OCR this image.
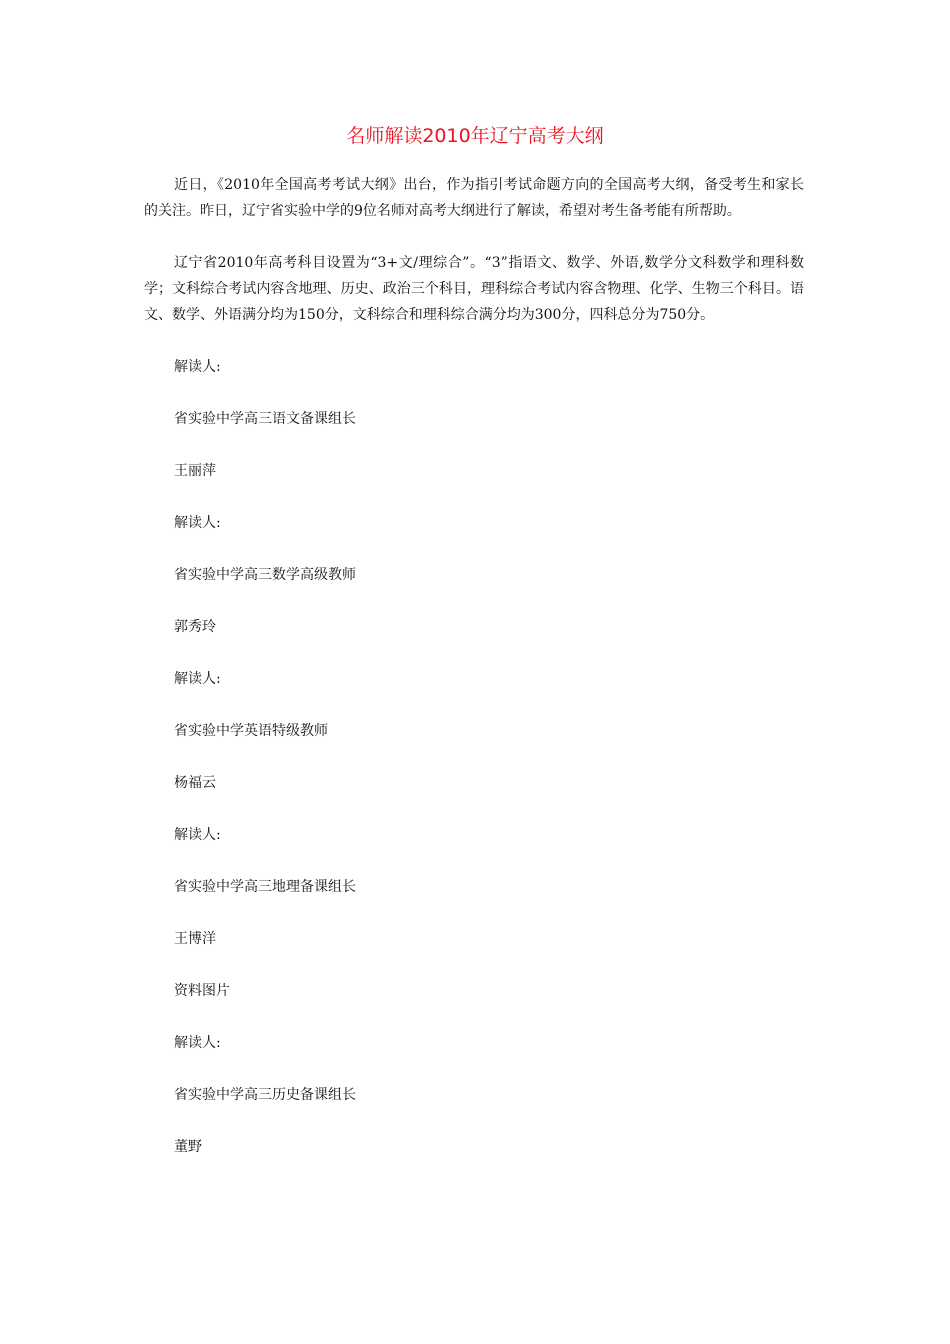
名师解读2010年辽宁高考大纲

近日，《2010年全国高考考试大纲》出台，作为指引考试命题方向的全国高考大纲，备受考生和家长的关注。昨日，辽宁省实验中学的9位名师对高考大纲进行了解读，希望对考生备考能有所帮助。

辽宁省2010年高考科目设置为“3+文/理综合”。“3”指语文、数学、外语,数学分文科数学和理科数学；文科综合考试内容含地理、历史、政治三个科目，理科综合考试内容含物理、化学、生物三个科目。语文、数学、外语满分均为150分，文科综合和理科综合满分均为300分，四科总分为750分。

解读人:

省实验中学高三语文备课组长

王丽萍

解读人:

省实验中学高三数学高级教师

郭秀玲

解读人:

省实验中学英语特级教师

杨福云

解读人:

省实验中学高三地理备课组长

王博洋

资料图片

解读人:

省实验中学高三历史备课组长

董野
